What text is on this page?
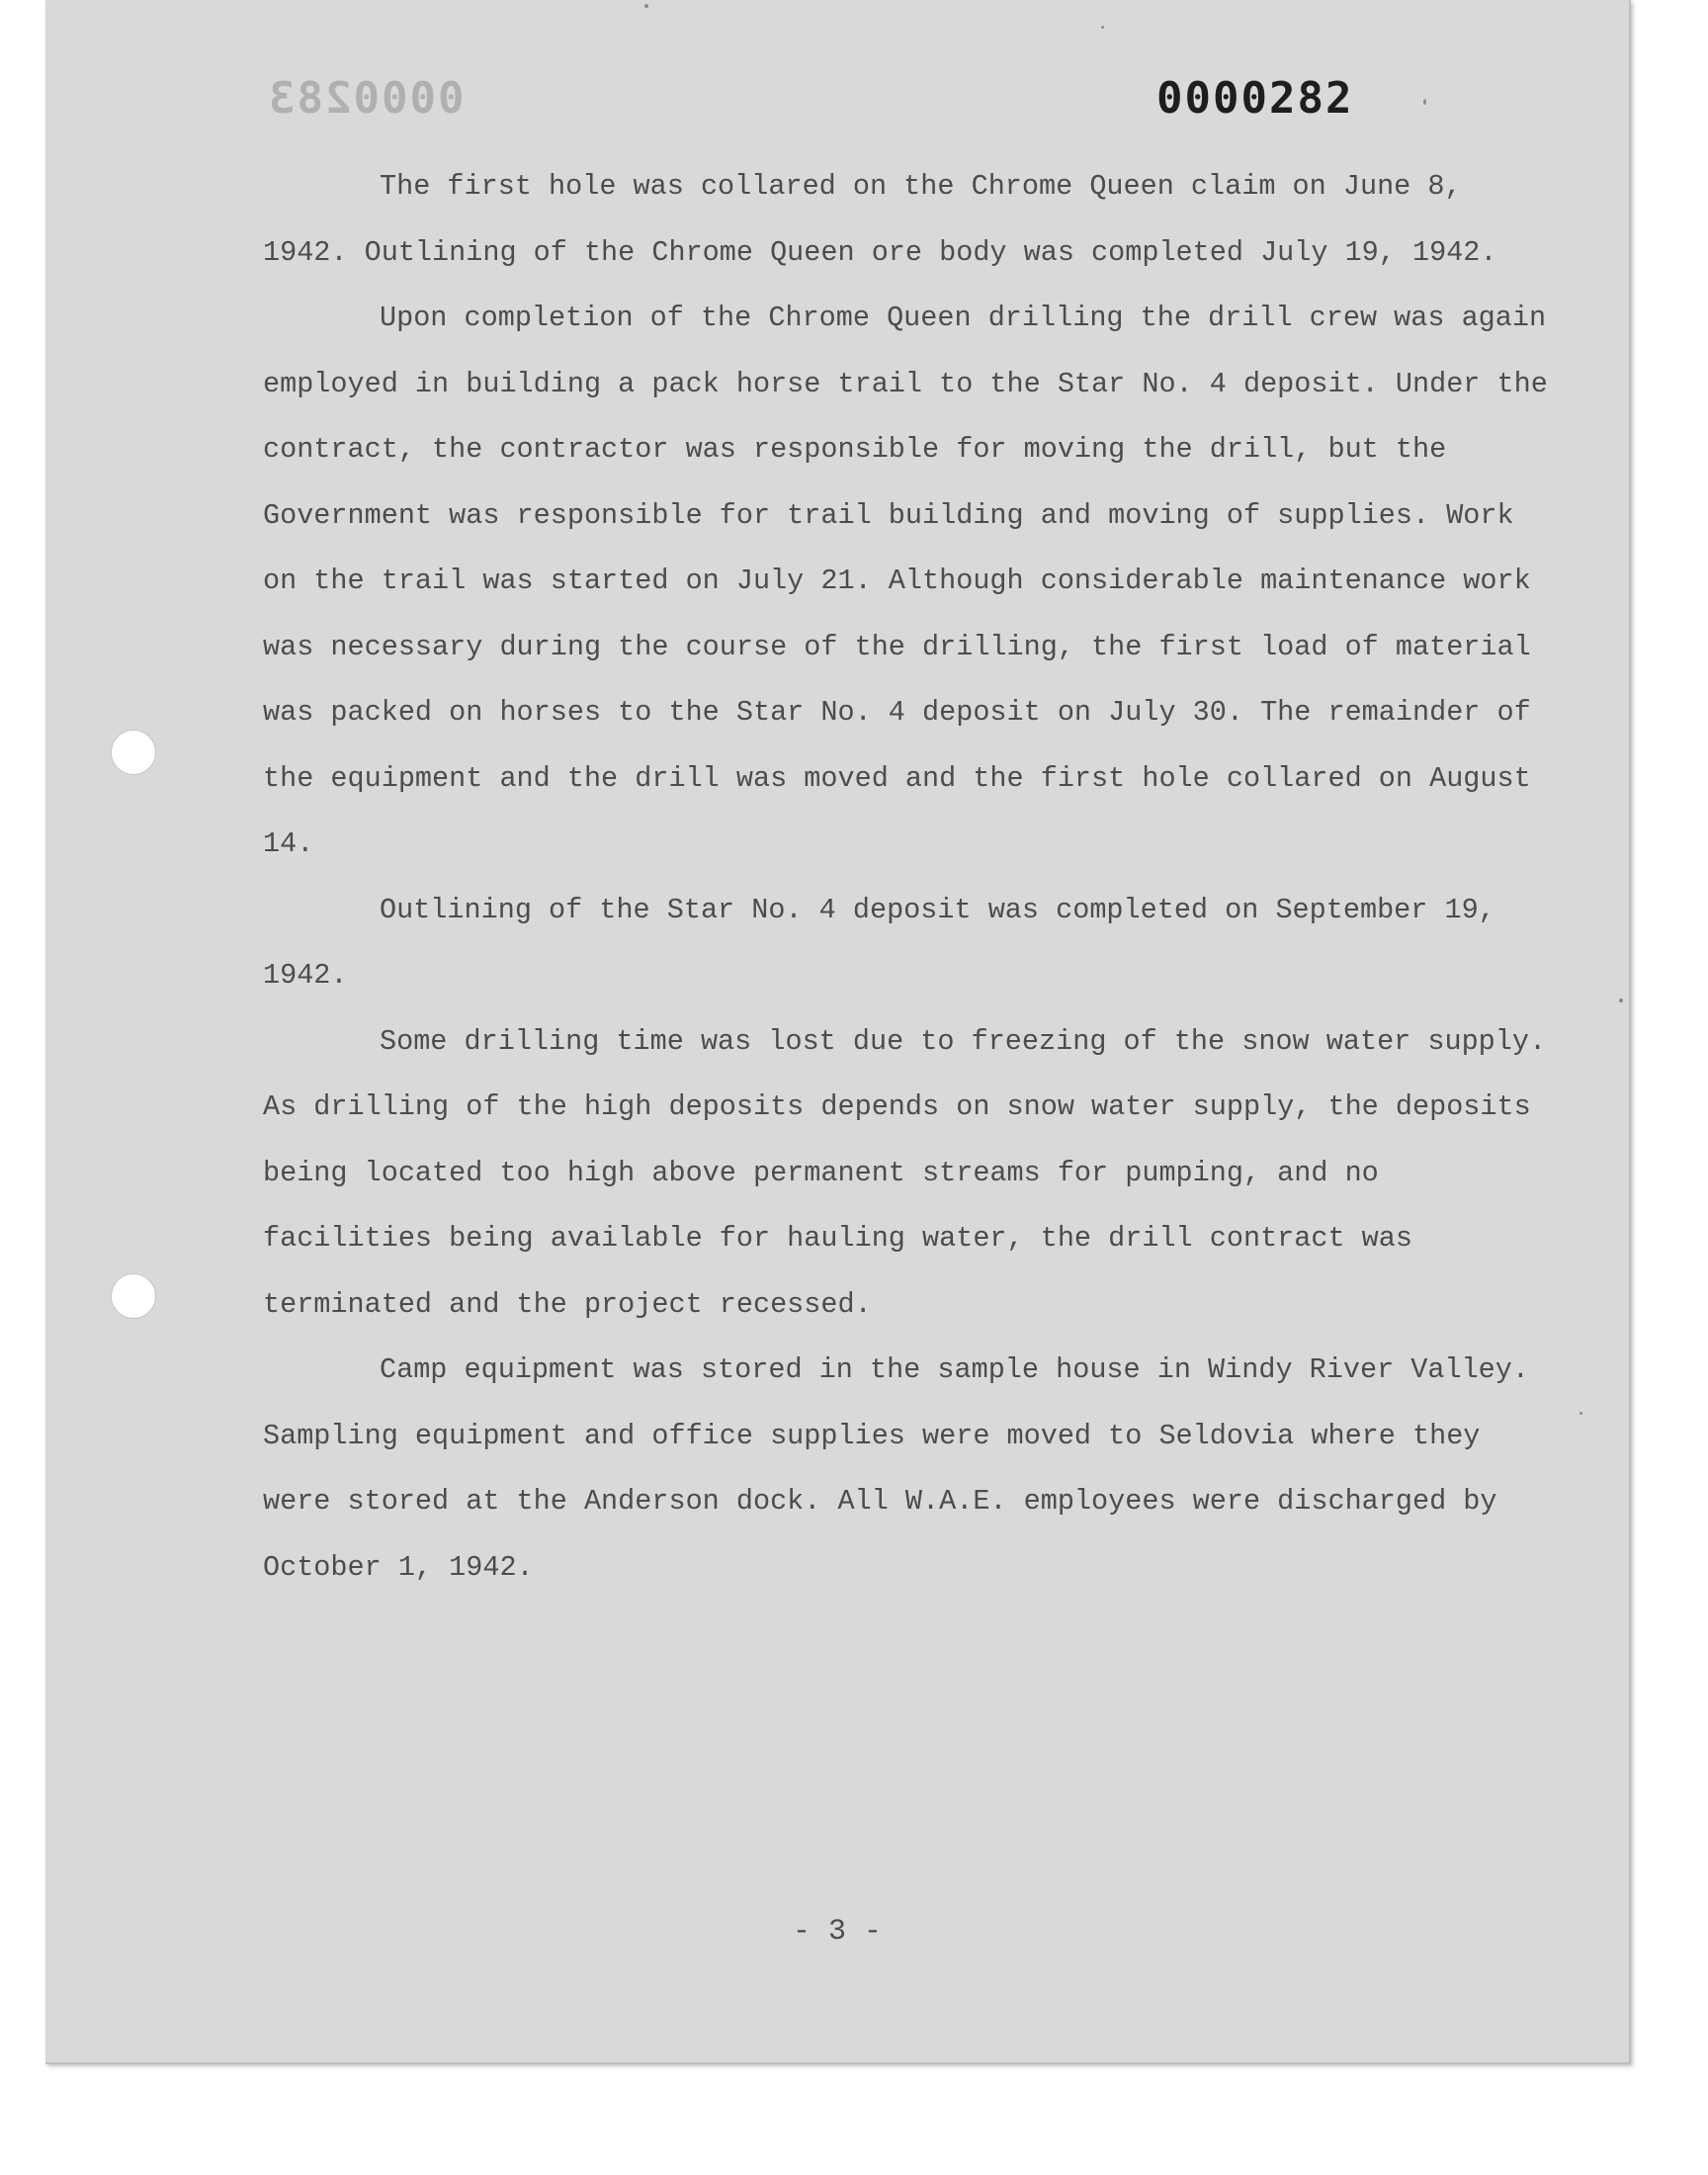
0000283	0000282

The first hole was collared on the Chrome Queen claim on June 8, 1942. Outlining of the Chrome Queen ore body was completed July 19, 1942.

Upon completion of the Chrome Queen drilling the drill crew was again employed in building a pack horse trail to the Star No. 4 deposit. Under the contract, the contractor was responsible for moving the drill, but the Government was responsible for trail building and moving of supplies. Work on the trail was started on July 21. Although considerable maintenance work was necessary during the course of the drilling, the first load of material was packed on horses to the Star No. 4 deposit on July 30. The remainder of the equipment and the drill was moved and the first hole collared on August 14.

Outlining of the Star No. 4 deposit was completed on September 19, 1942.

Some drilling time was lost due to freezing of the snow water supply. As drilling of the high deposits depends on snow water supply, the deposits being located too high above permanent streams for pumping, and no facilities being available for hauling water, the drill contract was terminated and the project recessed.

Camp equipment was stored in the sample house in Windy River Valley. Sampling equipment and office supplies were moved to Seldovia where they were stored at the Anderson dock. All W.A.E. employees were discharged by October 1, 1942.

- 3 -
